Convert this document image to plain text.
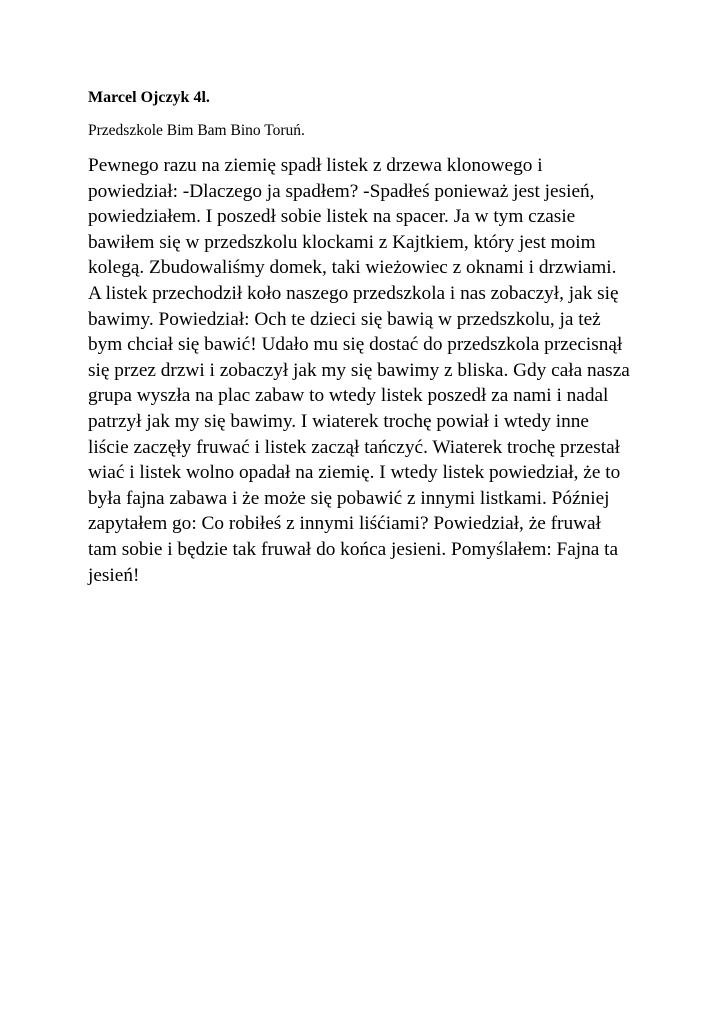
Marcel Ojczyk 4l.

Przedszkole Bim Bam Bino Toruń.

Pewnego razu na ziemię spadł listek z drzewa klonowego i
powiedział: -Dlaczego ja spadłem? -Spadłeś ponieważ jest jesień,
powiedziałem. I poszedł sobie listek na spacer. Ja w tym czasie
bawiłem się w przedszkolu klockami z Kajtkiem, który jest moim
kolegą. Zbudowaliśmy domek, taki wieżowiec z oknami i drzwiami.
A listek przechodził koło naszego przedszkola i nas zobaczył, jak się
bawimy. Powiedział: Och te dzieci się bawią w przedszkolu, ja też
bym chciał się bawić! Udało mu się dostać do przedszkola przecisnął
się przez drzwi i zobaczył jak my się bawimy z bliska. Gdy cała nasza
grupa wyszła na plac zabaw to wtedy listek poszedł za nami i nadal
patrzył jak my się bawimy. I wiaterek trochę powiał i wtedy inne
liście zaczęły fruwać i listek zaczął tańczyć. Wiaterek trochę przestał
wiać i listek wolno opadał na ziemię. I wtedy listek powiedział, że to
była fajna zabawa i że może się pobawić z innymi listkami. Później
zapytałem go: Co robiłeś z innymi liśćiami? Powiedział, że fruwał
tam sobie i będzie tak fruwał do końca jesieni. Pomyślałem: Fajna ta
jesień!
